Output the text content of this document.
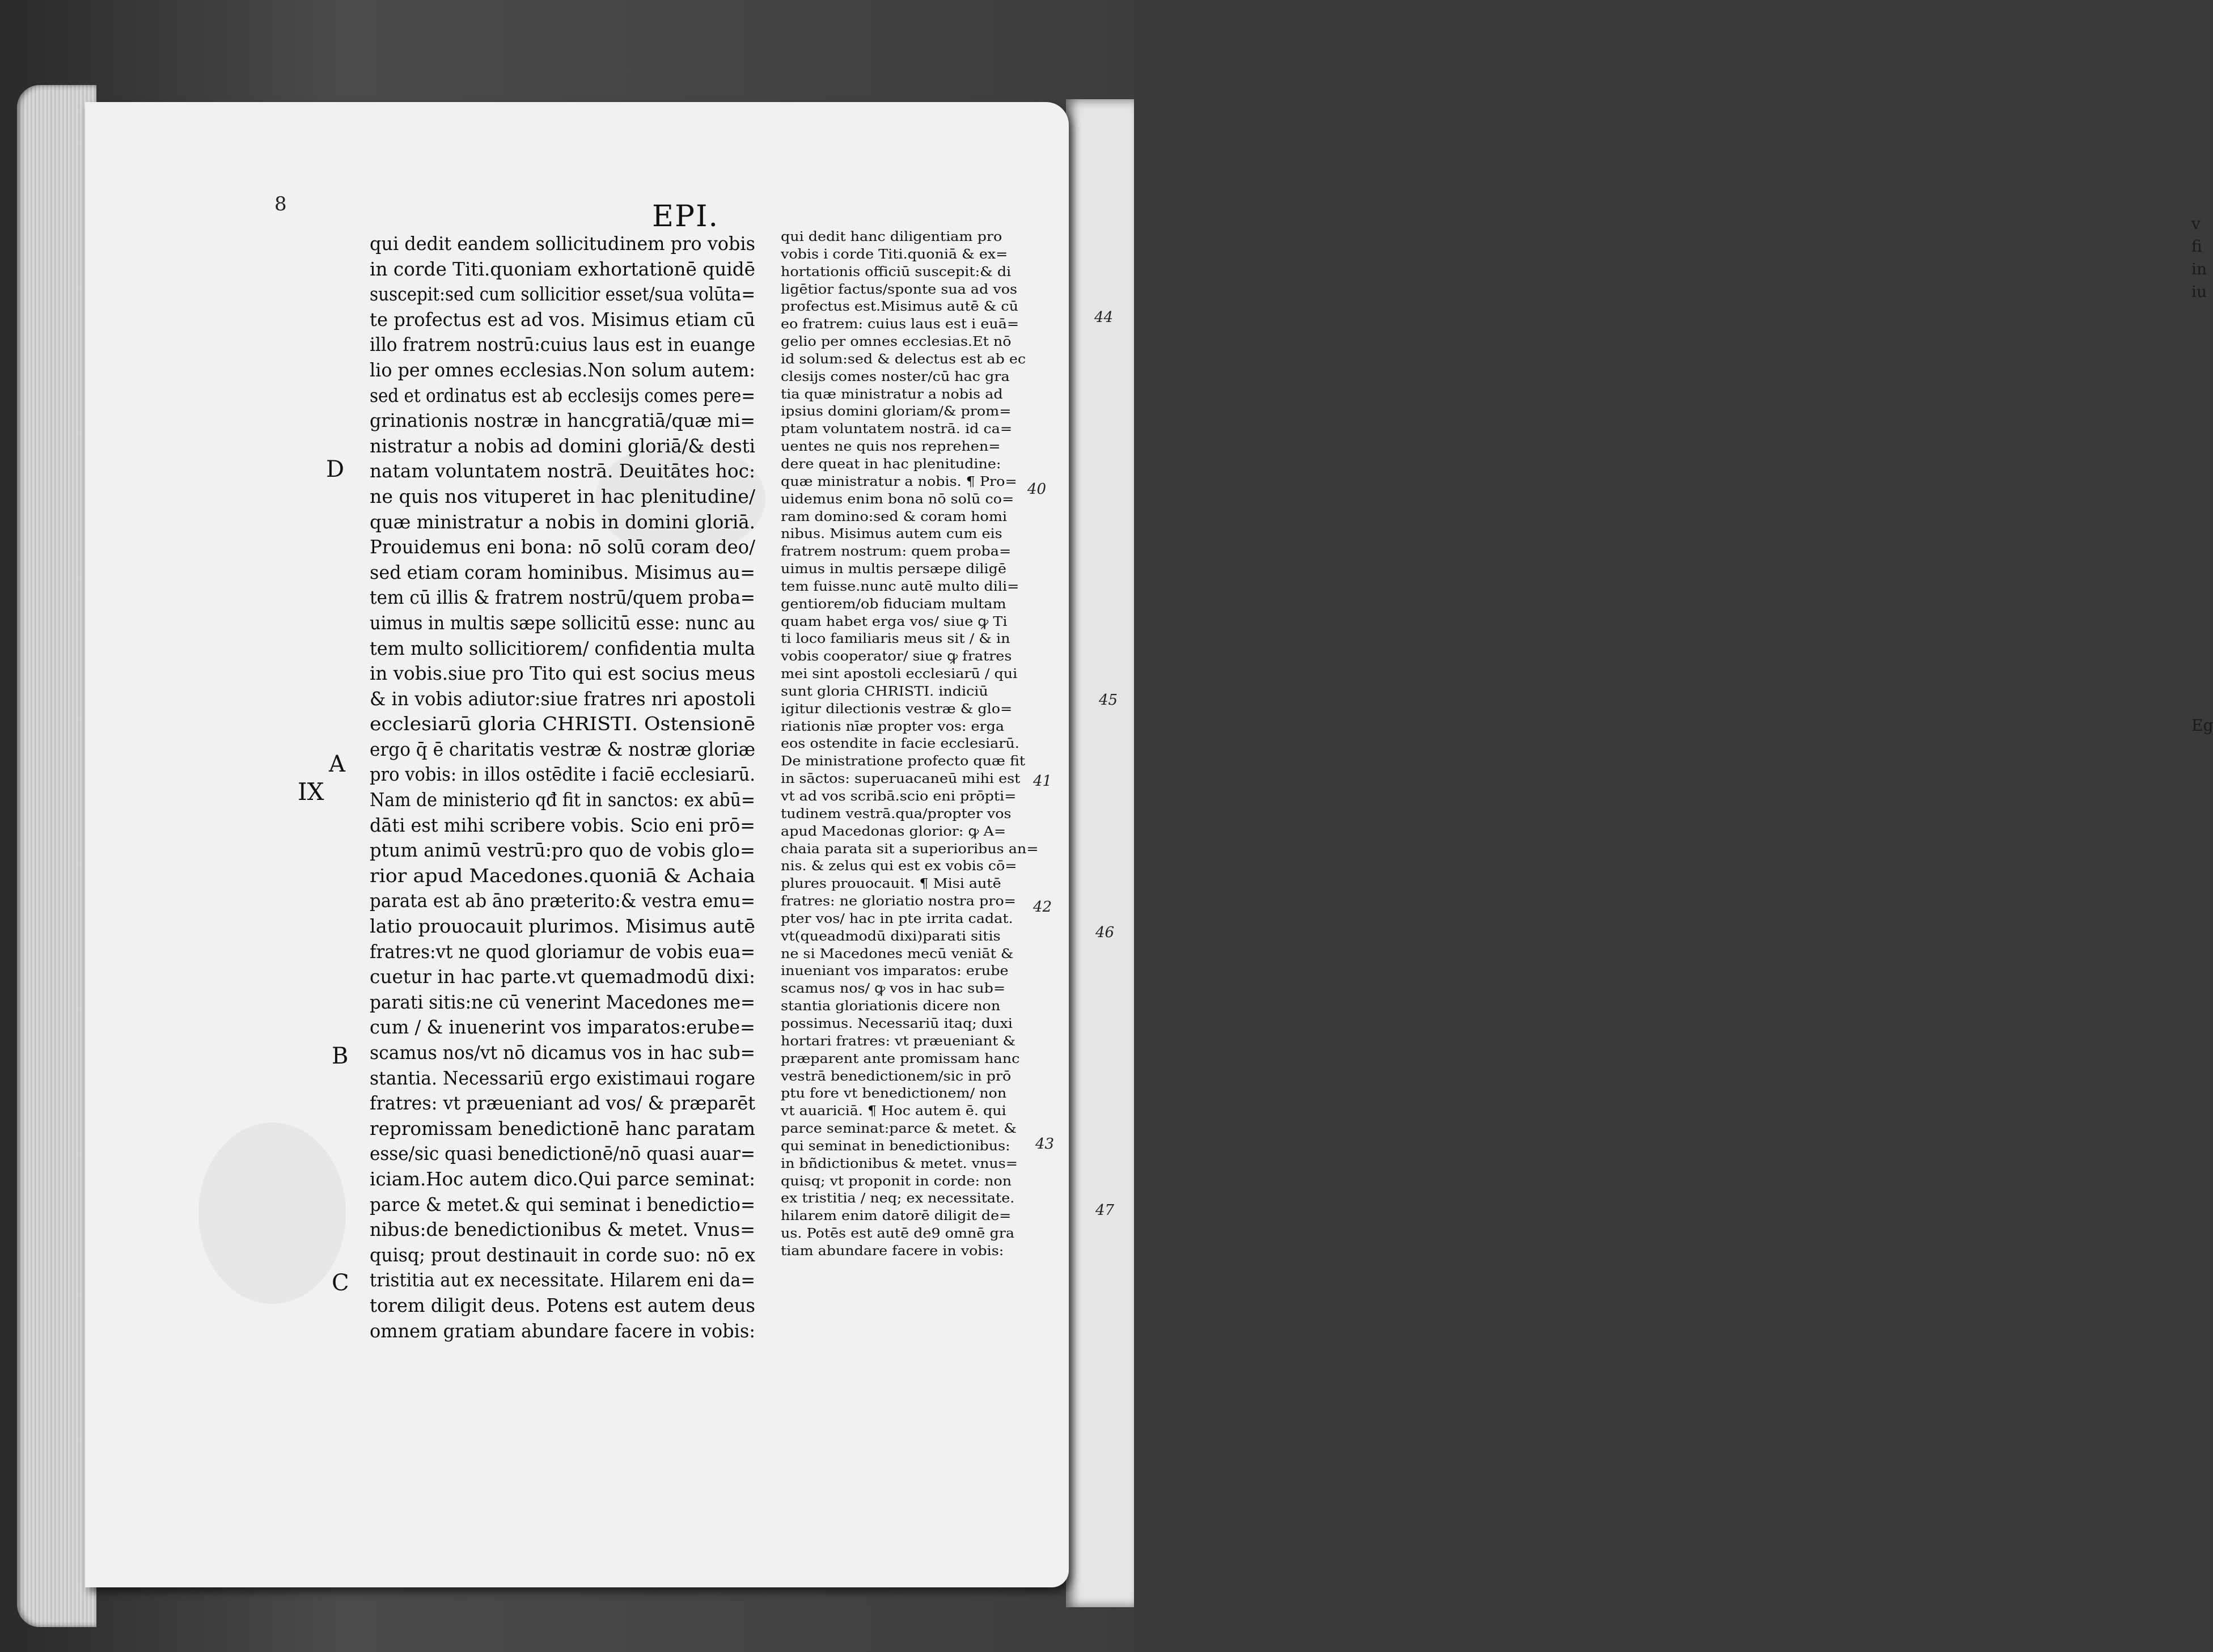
v
fi
in
iu
Eg
8	EPI.
qui dedit eandem sollicitudinem pro vobis
in corde Titi.quoniam exhortationē quidē
suscepit:sed cum sollicitior esset/sua volūta=
te profectus est ad vos. Misimus etiam cū
illo fratrem nostrū:cuius laus est in euange
lio per omnes ecclesias.Non solum autem:
sed et ordinatus est ab ecclesijs comes pere=
grinationis nostræ in hancgratiā/quæ mi=
nistratur a nobis ad domini gloriā/& desti
natam voluntatem nostrā. Deuitātes hoc:
ne quis nos vituperet in hac plenitudine/
quæ ministratur a nobis in domini gloriā.
Prouidemus eni bona: nō solū coram deo/
sed etiam coram hominibus. Misimus au=
tem cū illis & fratrem nostrū/quem proba=
uimus in multis sæpe sollicitū esse: nunc au
tem multo sollicitiorem/ confidentia multa
in vobis.siue pro Tito qui est socius meus
& in vobis adiutor:siue fratres nri apostoli
ecclesiarū gloria CHRISTI. Ostensionē
ergo q̄ ē charitatis vestræ & nostræ gloriæ
pro vobis: in illos ostēdite i faciē ecclesiarū.
Nam de ministerio qđ fit in sanctos: ex abū=
dāti est mihi scribere vobis. Scio eni prō=
ptum animū vestrū:pro quo de vobis glo=
rior apud Macedones.quoniā & Achaia
parata est ab āno præterito:& vestra emu=
latio prouocauit plurimos. Misimus autē
fratres:vt ne quod gloriamur de vobis eua=
cuetur in hac parte.vt quemadmodū dixi:
parati sitis:ne cū venerint Macedones me=
cum / & inuenerint vos imparatos:erube=
scamus nos/vt nō dicamus vos in hac sub=
stantia. Necessariū ergo existimaui rogare
fratres: vt præueniant ad vos/ & præparēt
repromissam benedictionē hanc paratam
esse/sic quasi benedictionē/nō quasi auar=
iciam.Hoc autem dico.Qui parce seminat:
parce & metet.& qui seminat i benedictio=
nibus:de benedictionibus & metet. Vnus=
quisq; prout destinauit in corde suo: nō ex
tristitia aut ex necessitate. Hilarem eni da=
torem diligit deus. Potens est autem deus
omnem gratiam abundare facere in vobis:
qui dedit hanc diligentiam pro
vobis i corde Titi.quoniā & ex=
hortationis officiū suscepit:& di
ligētior factus/sponte sua ad vos
profectus est.Misimus autē & cū
eo fratrem: cuius laus est i euā=
gelio per omnes ecclesias.Et nō
id solum:sed & delectus est ab ec
clesijs comes noster/cū hac gra
tia quæ ministratur a nobis ad
ipsius domini gloriam/& prom=
ptam voluntatem nostrā. id ca=
uentes ne quis nos reprehen=
dere queat in hac plenitudine:
quæ ministratur a nobis. ¶ Pro=
uidemus enim bona nō solū co=
ram domino:sed & coram homi
nibus. Misimus autem cum eis
fratrem nostrum: quem proba=
uimus in multis persæpe diligē
tem fuisse.nunc autē multo dili=
gentiorem/ob fiduciam multam
quam habet erga vos/ siue ꝙ Ti
ti loco familiaris meus sit / & in
vobis cooperator/ siue ꝙ fratres
mei sint apostoli ecclesiarū / qui
sunt gloria CHRISTI. indiciū
igitur dilectionis vestræ & glo=
riationis nīæ propter vos: erga
eos ostendite in facie ecclesiarū.
De ministratione profecto quæ fit
in sāctos: superuacaneū mihi est
vt ad vos scribā.scio eni prōpti=
tudinem vestrā.qua/propter vos
apud Macedonas glorior: ꝙ A=
chaia parata sit a superioribus an=
nis. & zelus qui est ex vobis cō=
plures prouocauit. ¶ Misi autē
fratres: ne gloriatio nostra pro=
pter vos/ hac in pte irrita cadat.
vt(queadmodū dixi)parati sitis
ne si Macedones mecū veniāt &
inueniant vos imparatos: erube
scamus nos/ ꝙ vos in hac sub=
stantia gloriationis dicere non
possimus. Necessariū itaq; duxi
hortari fratres: vt præueniant &
præparent ante promissam hanc
vestrā benedictionem/sic in prō
ptu fore vt benedictionem/ non
vt auariciā. ¶ Hoc autem ē. qui
parce seminat:parce & metet. &
qui seminat in benedictionibus:
in bñdictionibus & metet. vnus=
quisq; vt proponit in corde: non
ex tristitia / neq; ex necessitate.
hilarem enim datorē diligit de=
us. Potēs est autē de9 omnē gra
tiam abundare facere in vobis:
D
A
IX
B
C
40
41
42
43
44
45
46
47
